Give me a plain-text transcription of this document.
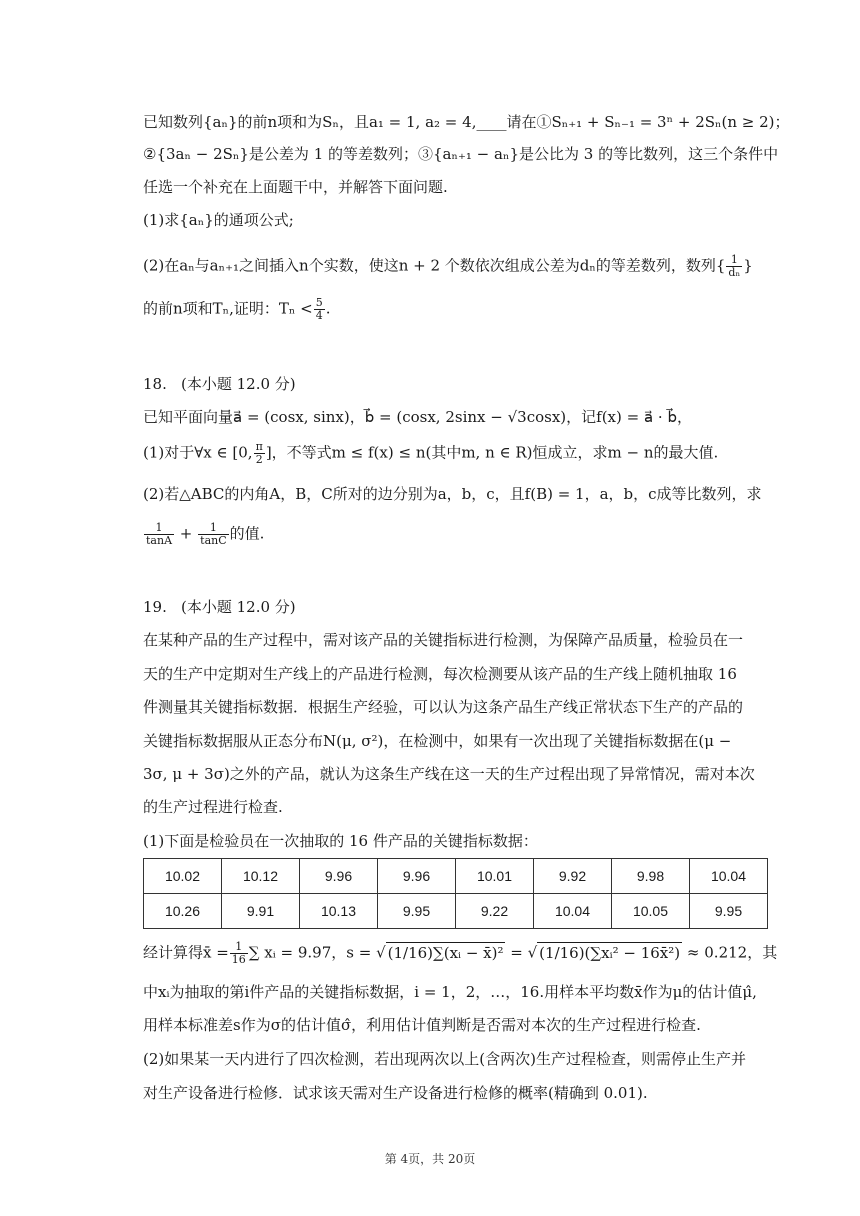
已知数列{aₙ}的前n项和为Sₙ，且a₁ = 1, a₂ = 4,____请在①Sₙ₊₁ + Sₙ₋₁ = 3ⁿ + 2Sₙ(n ≥ 2)；
②{3aₙ − 2Sₙ}是公差为 1 的等差数列；③{aₙ₊₁ − aₙ}是公比为 3 的等比数列，这三个条件中
任选一个补充在上面题干中，并解答下面问题.
(1)求{aₙ}的通项公式;
(2)在aₙ与aₙ₊₁之间插入n个实数，使这n + 2 个数依次组成公差为dₙ的等差数列，数列{ $\frac{1}{\text{dₙ}}$ }
的前n项和Tₙ,证明：$T_n < \frac{5}{4}$ .
18. (本小题 12.0 分)
已知平面向量a⃗ = (cosx, sinx)，b⃗ = (cosx, 2sinx − √3cosx)，记f(x) = a⃗ · b⃗，
(1)对于∀x ∈ [0, $\frac{\pi}{2}$ ]，不等式m ≤ f(x) ≤ n(其中m, n ∈ R)恒成立，求m − n的最大值.
(2)若△ABC的内角A，B，C所对的边分别为a，b，c，且f(B) = 1，a，b，c成等比数列，求
$\frac{1}{\tan A} + \frac{1}{\tan C}$ 的值.
19. (本小题 12.0 分)
在某种产品的生产过程中，需对该产品的关键指标进行检测，为保障产品质量，检验员在一
天的生产中定期对生产线上的产品进行检测，每次检测要从该产品的生产线上随机抽取 16
件测量其关键指标数据．根据生产经验，可以认为这条产品生产线正常状态下生产的产品的
关键指标数据服从正态分布N(μ, σ²)，在检测中，如果有一次出现了关键指标数据在(μ −
3σ, μ + 3σ)之外的产品，就认为这条生产线在这一天的生产过程出现了异常情况，需对本次
的生产过程进行检查.
(1)下面是检验员在一次抽取的 16 件产品的关键指标数据：
10.02	10.12	9.96	9.96	10.01	9.92	9.98	10.04
10.26	9.91	10.13	9.95	9.22	10.04	10.05	9.95
经计算得x̄ = $\frac{1}{16}$ ∑ xᵢ = 9.97，s = √ (1/16)∑(xᵢ − x̄)² = √ (1/16)(∑xᵢ² − 16x̄²) ≈ 0.212，其
中xᵢ为抽取的第i件产品的关键指标数据，i = 1，2，…，16.用样本平均数x̄作为μ的估计值μ̂,
用样本标准差s作为σ的估计值σ̂，利用估计值判断是否需对本次的生产过程进行检查.
(2)如果某一天内进行了四次检测，若出现两次以上(含两次)生产过程检查，则需停止生产并
对生产设备进行检修．试求该天需对生产设备进行检修的概率(精确到 0.01).
第 4页，共 20页
